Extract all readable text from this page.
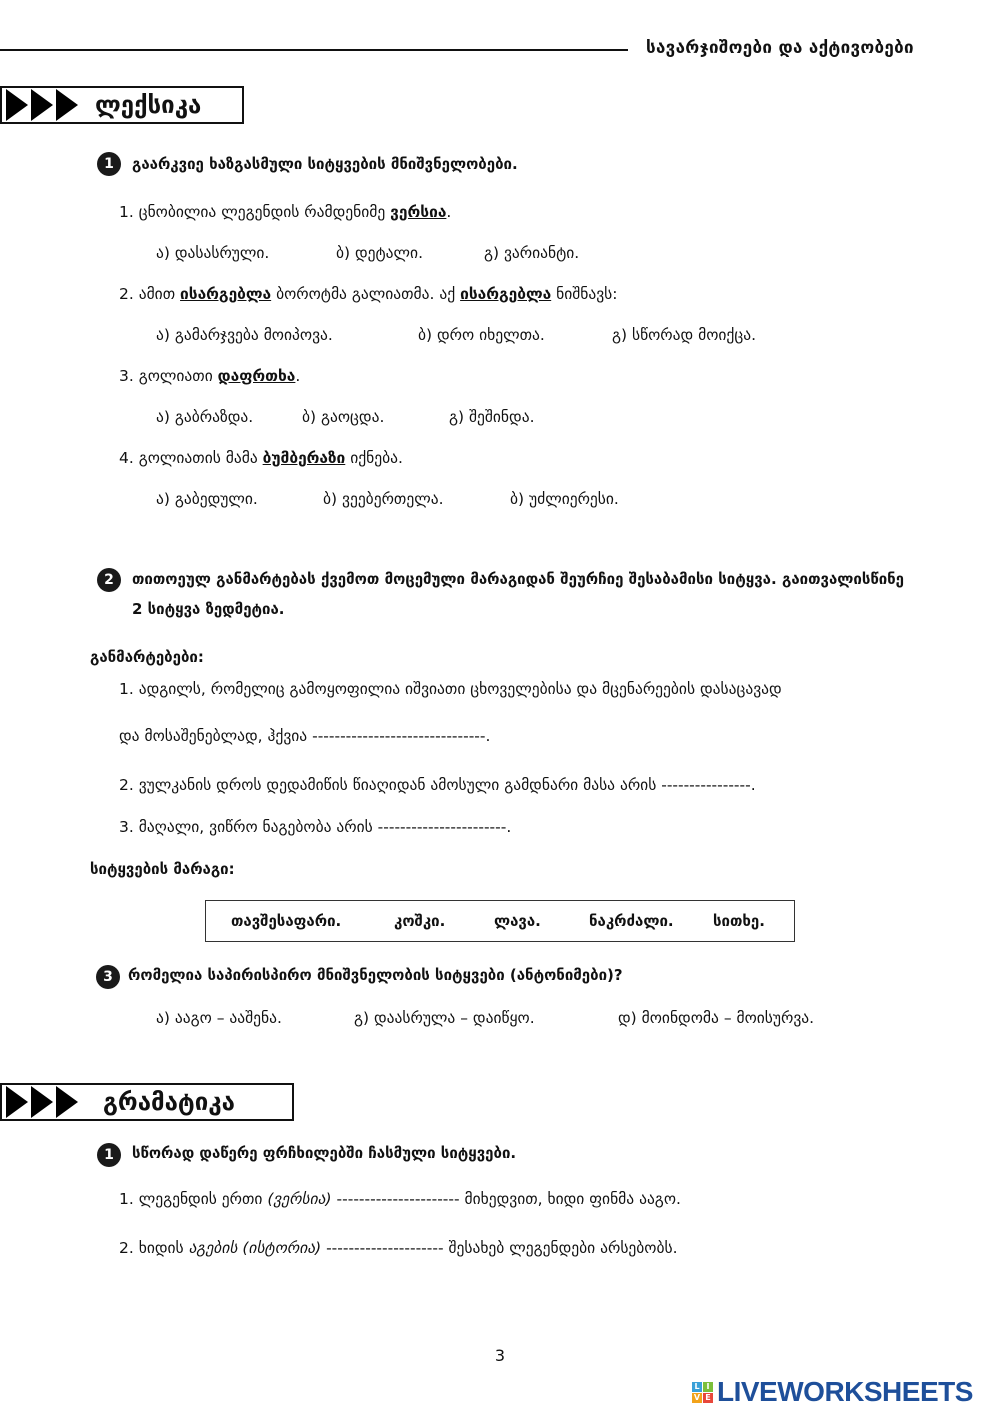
სავარჯიშოები და აქტივობები
ლექსიკა
1	გაარკვიე ხაზგასმული სიტყვების მნიშვნელობები.
1. ცნობილია ლეგენდის რამდენიმე ვერსია.
ა) დასასრული.	ბ) დეტალი.	გ) ვარიანტი.
2. ამით ისარგებლა ბოროტმა გალიათმა. აქ ისარგებლა ნიშნავს:
ა) გამარჯვება მოიპოვა.	ბ) დრო იხელთა.	გ) სწორად მოიქცა.
3. გოლიათი დაფრთხა.
ა) გაბრაზდა.	ბ) გაოცდა.	გ) შეშინდა.
4. გოლიათის მამა ბუმბერაზი იქნება.
ა) გაბედული.	ბ) ვეებერთელა.	ბ) უძლიერესი.
2	თითოეულ განმარტებას ქვემოთ მოცემული მარაგიდან შეურჩიე შესაბამისი სიტყვა. გაითვალისწინე 2 სიტყვა ზედმეტია.
განმარტებები:
1. ადგილს, რომელიც გამოყოფილია იშვიათი ცხოველებისა და მცენარეების დასაცავად
და მოსაშენებლად, ჰქვია -------------------------------.
2. ვულკანის დროს დედამიწის წიაღიდან ამოსული გამდნარი მასა არის ----------------.
3. მაღალი, ვიწრო ნაგებობა არის -----------------------.
სიტყვების მარაგი:
თავშესაფარი.	კოშკი.	ლავა.	ნაკრძალი.	სითხე.
3	რომელია საპირისპირო მნიშვნელობის სიტყვები (ანტონიმები)?
ა) ააგო – ააშენა.	გ) დაასრულა – დაიწყო.	დ) მოინდომა – მოისურვა.
გრამატიკა
1	სწორად დაწერე ფრჩხილებში ჩასმული სიტყვები.
1. ლეგენდის ერთი (ვერსია) ---------------------- მიხედვით, ხიდი ფინმა ააგო.
2. ხიდის აგების (ისტორია) --------------------- შესახებ ლეგენდები არსებობს.
3
L I
V E LIVEWORKSHEETS
